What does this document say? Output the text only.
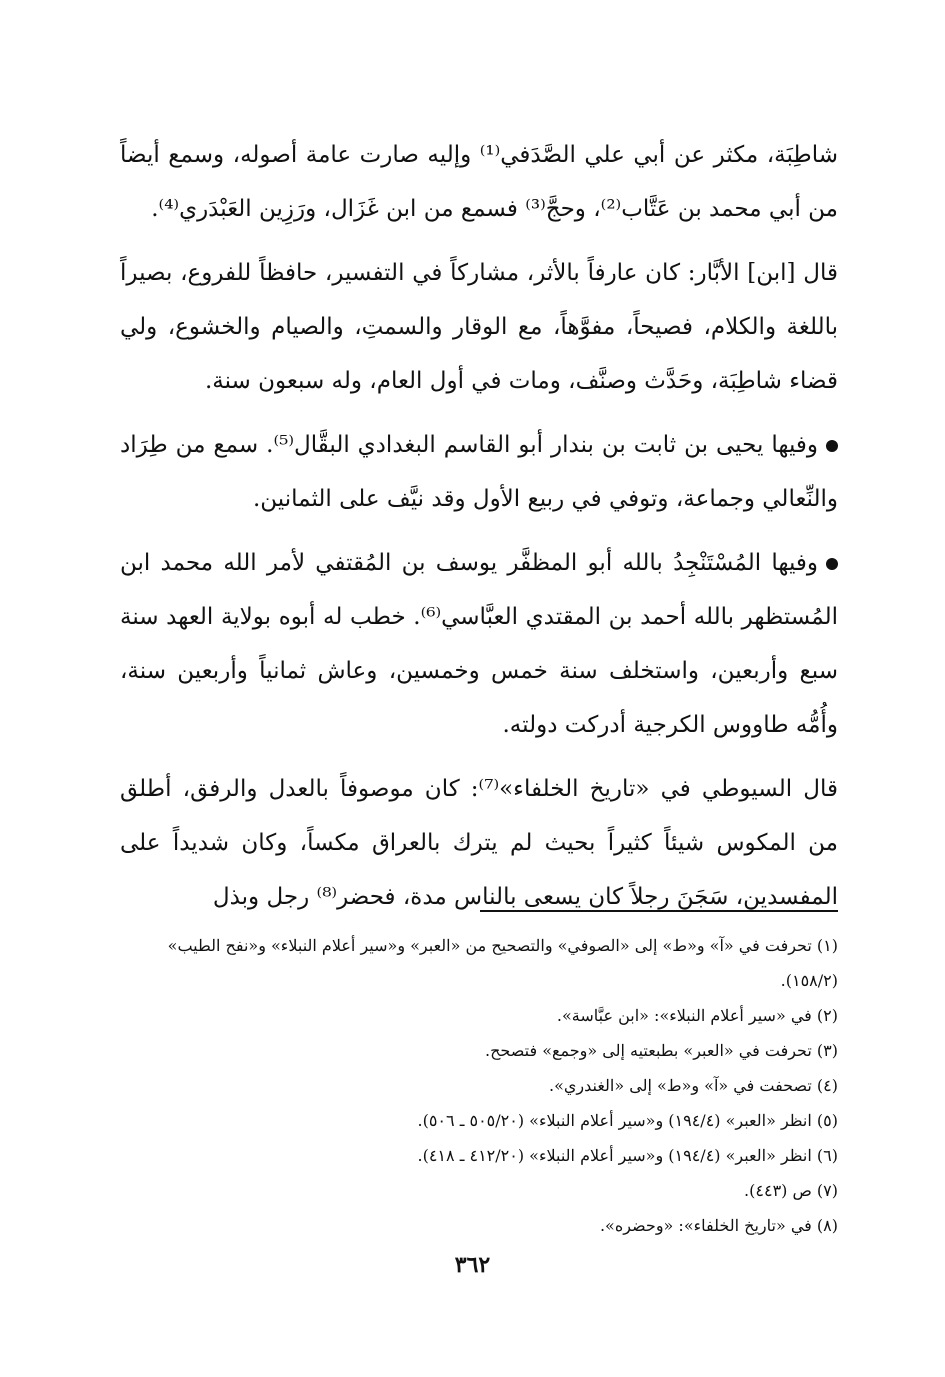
شاطِبَة، مكثر عن أبي علي الصَّدَفي⁽¹⁾ وإليه صارت عامة أصوله، وسمع أيضاً من أبي محمد بن عَتَّاب⁽²⁾، وحجَّ⁽³⁾ فسمع من ابن غَزَال، ورَزِين العَبْدَري⁽⁴⁾.

قال [ابن] الأبَّار: كان عارفاً بالأثر، مشاركاً في التفسير، حافظاً للفروع، بصيراً باللغة والكلام، فصيحاً، مفوَّهاً، مع الوقار والسمتِ، والصيام والخشوع، ولي قضاء شاطِبَة، وحَدَّث وصنَّف، ومات في أول العام، وله سبعون سنة.

وفيها يحيى بن ثابت بن بندار أبو القاسم البغدادي البقَّال⁽⁵⁾. سمع من طِرَاد والنِّعالي وجماعة، وتوفي في ربيع الأول وقد نيَّف على الثمانين.

وفيها المُسْتَنْجِدُ بالله أبو المظفَّر يوسف بن المُقتفي لأمر الله محمد ابن المُستظهر بالله أحمد بن المقتدي العبَّاسي⁽⁶⁾. خطب له أبوه بولاية العهد سنة سبع وأربعين، واستخلف سنة خمس وخمسين، وعاش ثمانياً وأربعين سنة، وأُمُّه طاووس الكرجية أدركت دولته.

قال السيوطي في «تاريخ الخلفاء»⁽⁷⁾: كان موصوفاً بالعدل والرفق، أطلق من المكوس شيئاً كثيراً بحيث لم يترك بالعراق مكساً، وكان شديداً على المفسدين، سَجَنَ رجلاً كان يسعى بالناس مدة، فحضر⁽⁸⁾ رجل وبذل

(١) تحرفت في «آ» و«ط» إلى «الصوفي» والتصحيح من «العبر» و«سير أعلام النبلاء» و«نفح الطيب» (١٥٨/٢).

(٢) في «سير أعلام النبلاء»: «ابن عبَّاسة».

(٣) تحرفت في «العبر» بطبعتيه إلى «وجمع» فتصحح.

(٤) تصحفت في «آ» و«ط» إلى «الغندري».

(٥) انظر «العبر» (١٩٤/٤) و«سير أعلام النبلاء» (٥٠٥/٢٠ ـ ٥٠٦).

(٦) انظر «العبر» (١٩٤/٤) و«سير أعلام النبلاء» (٤١٢/٢٠ ـ ٤١٨).

(٧) ص (٤٤٣).

(٨) في «تاريخ الخلفاء»: «وحضره».

٣٦٢
